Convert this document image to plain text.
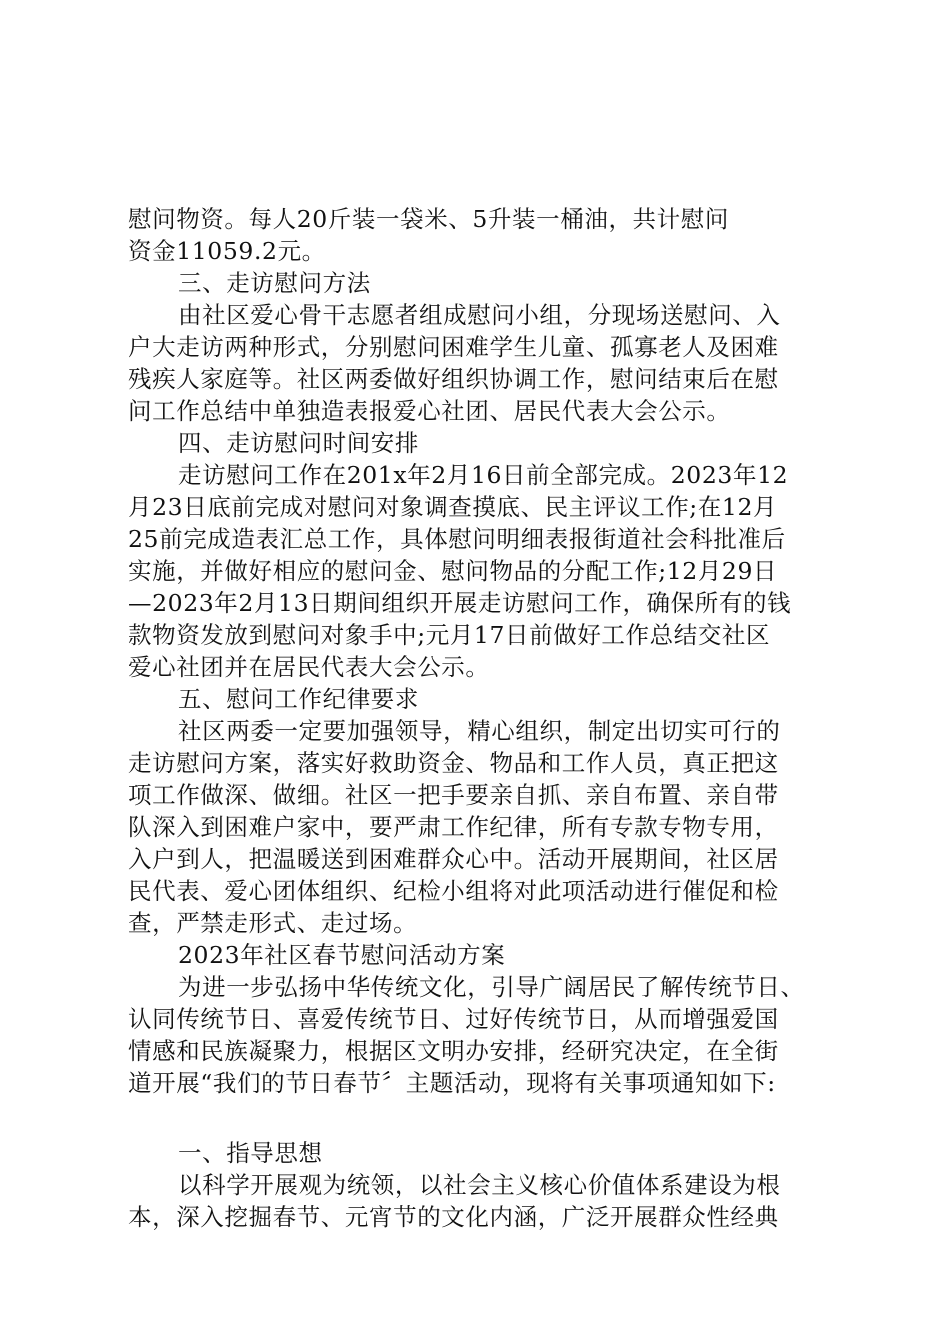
慰问物资。每人20斤装一袋米、5升装一桶油，共计慰问
资金11059.2元。
三、走访慰问方法
由社区爱心骨干志愿者组成慰问小组，分现场送慰问、入
户大走访两种形式，分别慰问困难学生儿童、孤寡老人及困难
残疾人家庭等。社区两委做好组织协调工作，慰问结束后在慰
问工作总结中单独造表报爱心社团、居民代表大会公示。
四、走访慰问时间安排
走访慰问工作在201x年2月16日前全部完成。2023年12
月23日底前完成对慰问对象调查摸底、民主评议工作;在12月
25前完成造表汇总工作，具体慰问明细表报街道社会科批准后
实施，并做好相应的慰问金、慰问物品的分配工作;12月29日
—2023年2月13日期间组织开展走访慰问工作，确保所有的钱
款物资发放到慰问对象手中;元月17日前做好工作总结交社区
爱心社团并在居民代表大会公示。
五、慰问工作纪律要求
社区两委一定要加强领导，精心组织，制定出切实可行的
走访慰问方案，落实好救助资金、物品和工作人员，真正把这
项工作做深、做细。社区一把手要亲自抓、亲自布置、亲自带
队深入到困难户家中，要严肃工作纪律，所有专款专物专用，
入户到人，把温暖送到困难群众心中。活动开展期间，社区居
民代表、爱心团体组织、纪检小组将对此项活动进行催促和检
查，严禁走形式、走过场。
2023年社区春节慰问活动方案
为进一步弘扬中华传统文化，引导广阔居民了解传统节日、
认同传统节日、喜爱传统节日、过好传统节日，从而增强爱国
情感和民族凝聚力，根据区文明办安排，经研究决定，在全街
道开展“我们的节日春节〞主题活动，现将有关事项通知如下:
一、指导思想
以科学开展观为统领，以社会主义核心价值体系建设为根
本，深入挖掘春节、元宵节的文化内涵，广泛开展群众性经典
